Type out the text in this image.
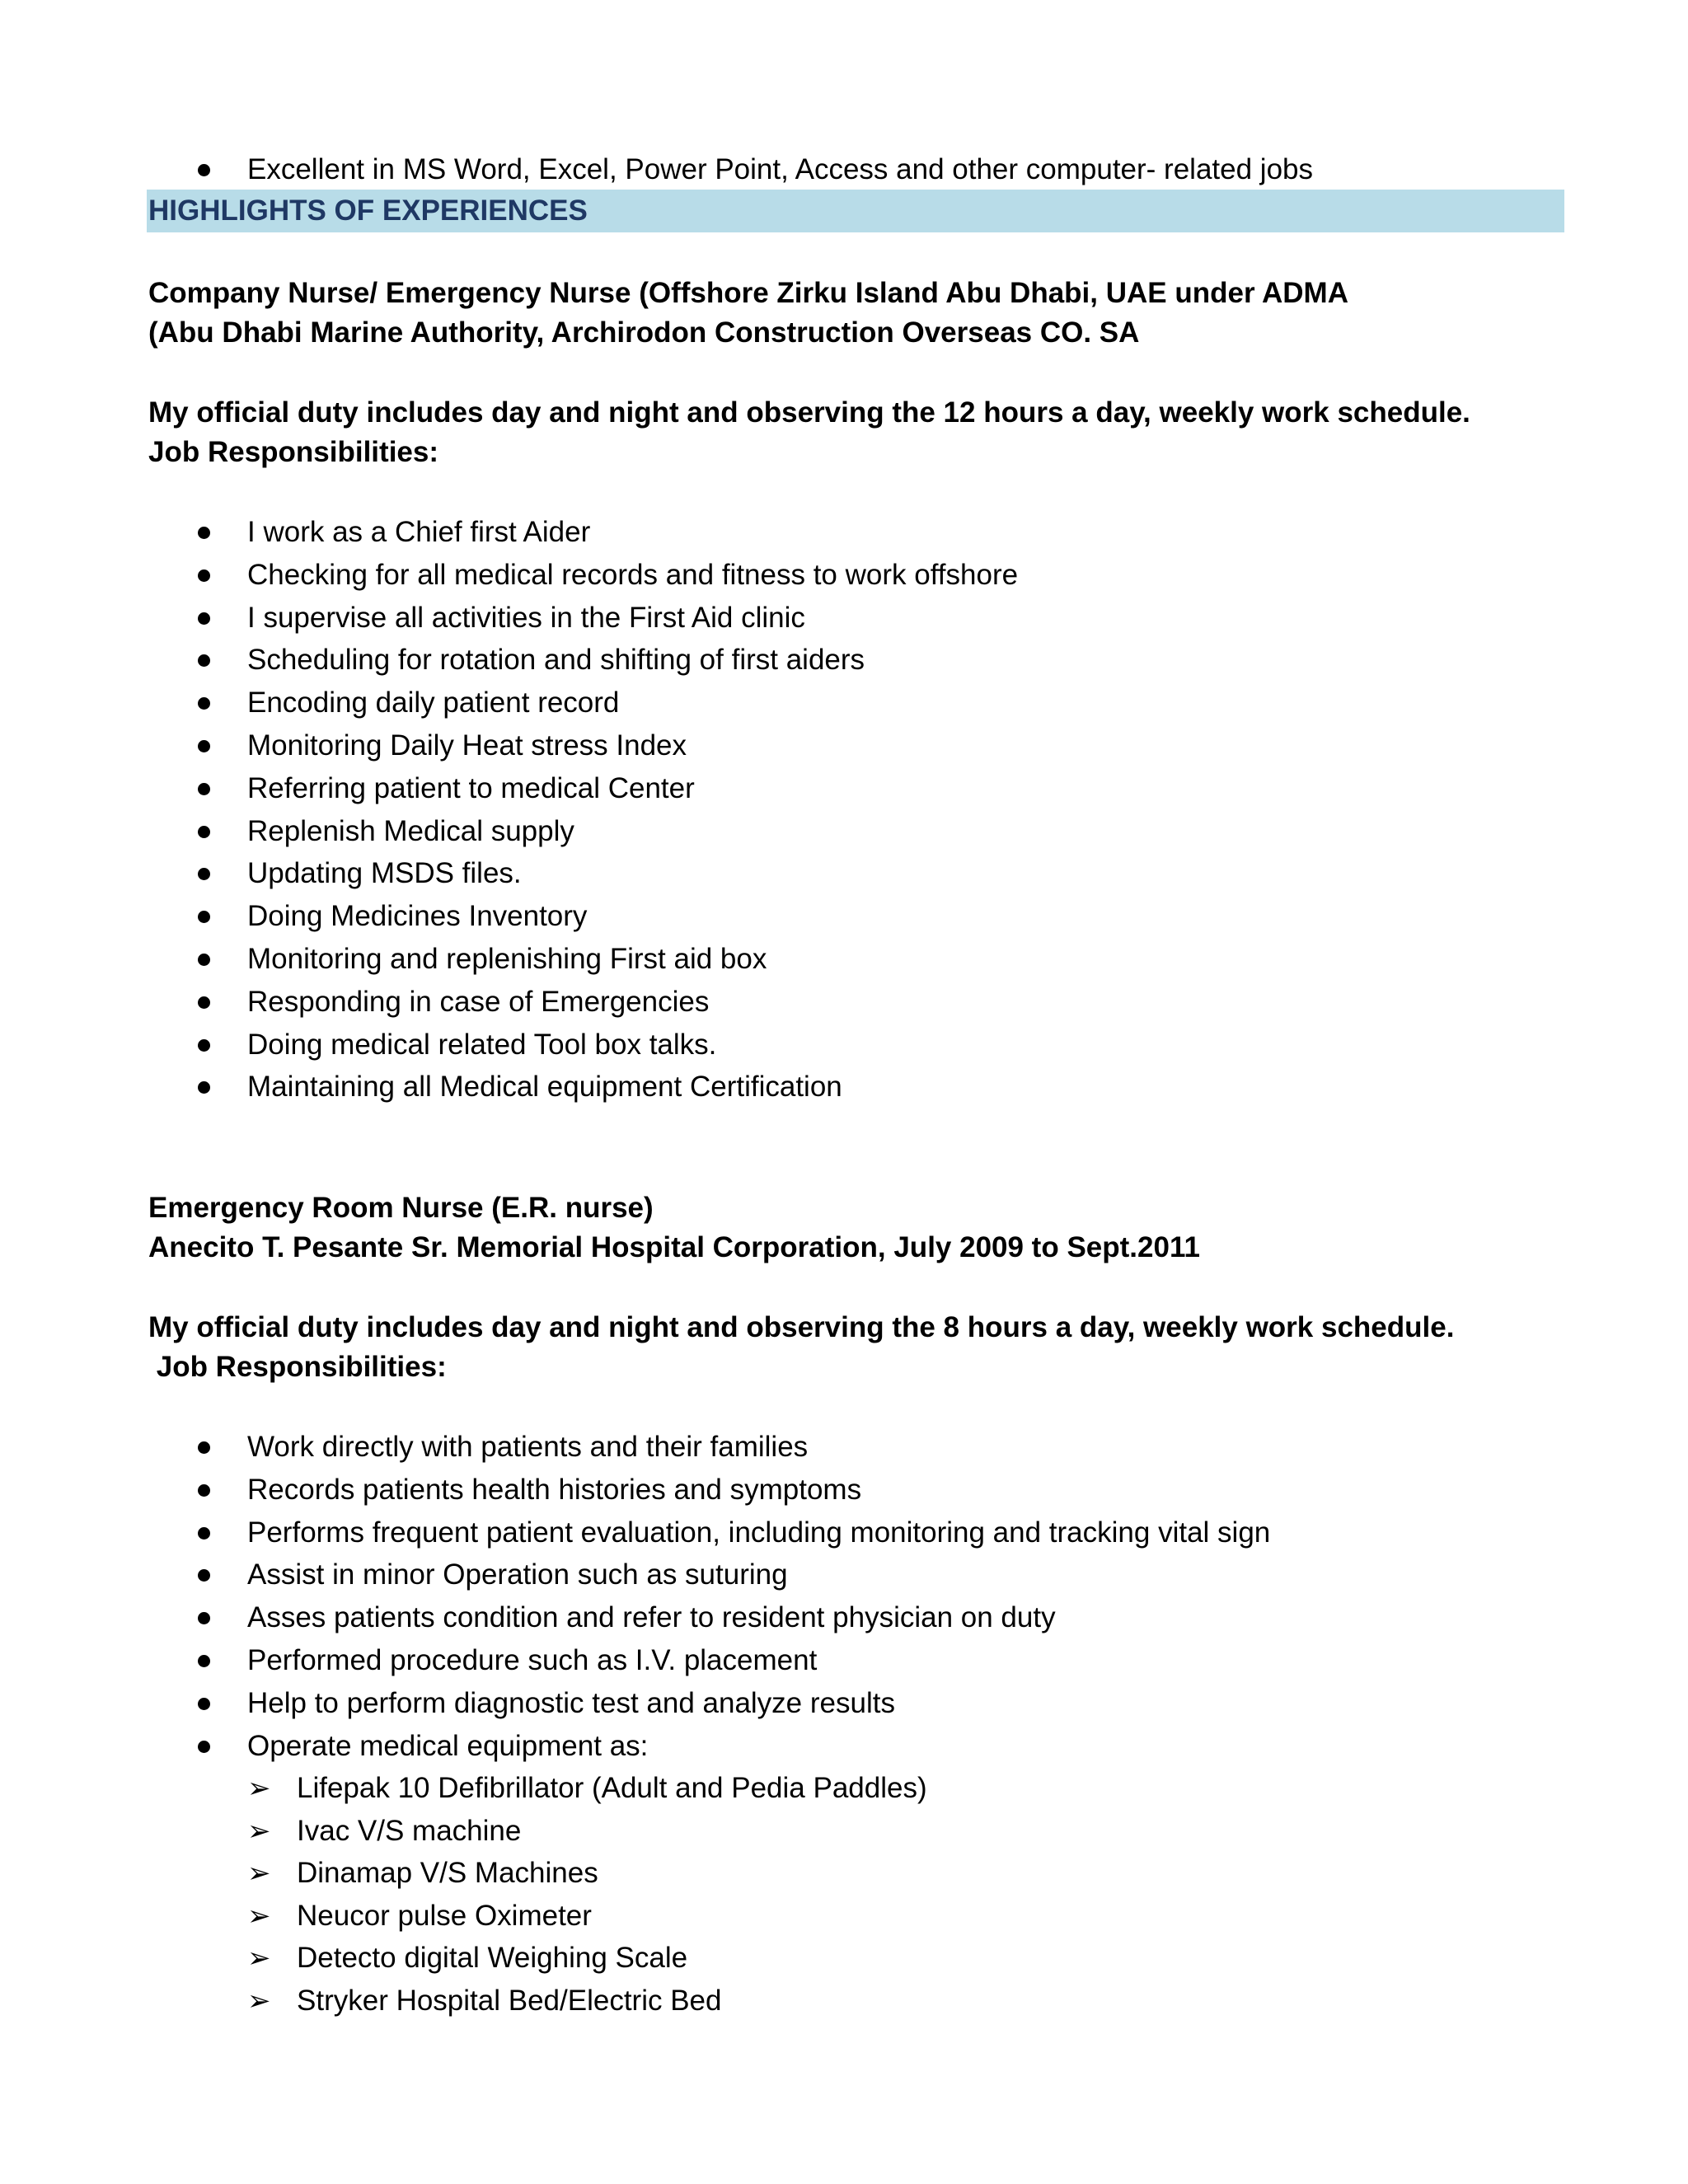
Excellent in MS Word, Excel, Power Point, Access and other computer- related jobs
HIGHLIGHTS OF EXPERIENCES
Company Nurse/ Emergency Nurse (Offshore Zirku Island Abu Dhabi, UAE under ADMA
(Abu Dhabi Marine Authority, Archirodon Construction Overseas CO. SA
My official duty includes day and night and observing the 12 hours a day, weekly work schedule.
Job Responsibilities:
I work as a Chief first Aider
Checking for all medical records and fitness to work offshore
I supervise all activities in the First Aid clinic
Scheduling for rotation and shifting of first aiders
Encoding daily patient record
Monitoring Daily Heat stress Index
Referring patient to medical Center
Replenish Medical supply
Updating MSDS files.
Doing Medicines Inventory
Monitoring and replenishing First aid box
Responding in case of Emergencies
Doing medical related Tool box talks.
Maintaining all Medical equipment Certification
Emergency Room Nurse (E.R. nurse)
Anecito T. Pesante Sr. Memorial Hospital Corporation, July 2009 to Sept.2011
My official duty includes day and night and observing the 8 hours a day, weekly work schedule.
Job Responsibilities:
Work directly with patients and their families
Records patients health histories and symptoms
Performs frequent patient evaluation, including monitoring and tracking vital sign
Assist in minor Operation such as suturing
Asses patients condition and refer to resident physician on duty
Performed procedure such as I.V. placement
Help to perform diagnostic test and analyze results
Operate medical equipment as:
➢ Lifepak 10 Defibrillator (Adult and Pedia Paddles)
➢ Ivac V/S machine
➢ Dinamap V/S Machines
➢ Neucor pulse Oximeter
➢ Detecto digital Weighing Scale
➢ Stryker Hospital Bed/Electric Bed
